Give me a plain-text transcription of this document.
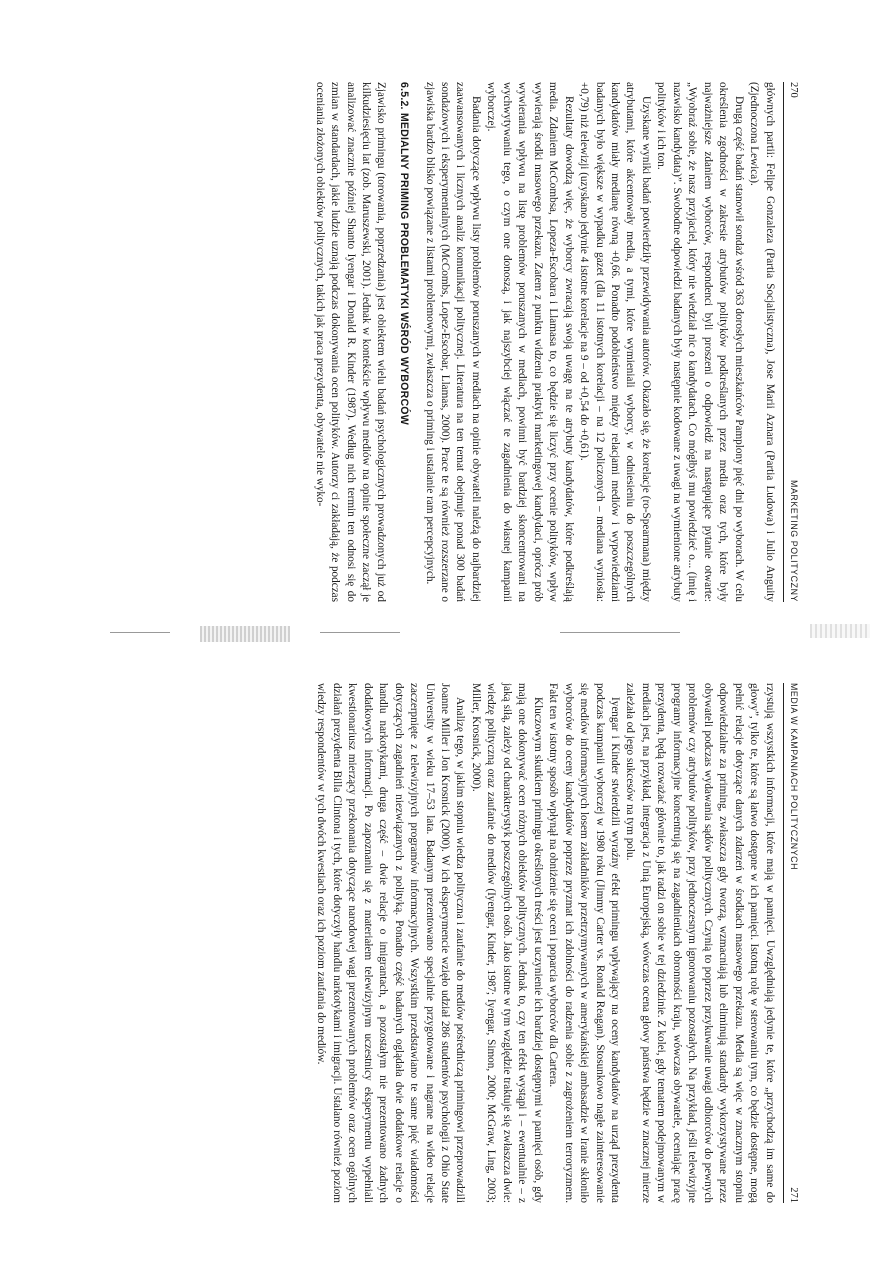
270
MARKETING POLITYCZNY

głównych partii: Felipe Gonzaleza (Partia Socjalistyczna), Jose Marii Aznara (Partia Ludowa) i Julio Anguity (Zjednoczona Lewica).

Drugą część badań stanowił sondaż wśród 363 dorosłych mieszkańców Pamplony pięć dni po wyborach. W celu określenia zgodności w zakresie atrybutów polityków podkreślanych przez media oraz tych, które były najważniejsze zdaniem wyborców, respondenci byli proszeni o odpowiedź na następujące pytanie otwarte: „Wyobraź sobie, że nasz przyjaciel, który nie wiedział nic o kandydatach. Co mógłbyś mu powiedzieć o... (imię i nazwisko kandydata)”. Swobodne odpowiedzi badanych były następnie kodowane z uwagi na wymienione atrybuty polityków i ich ton.

Uzyskane wyniki badań potwierdziły przewidywania autorów. Okazało się, że korelacje (ro-Spearmana) między atrybutami, które akcentowały media, a tymi, które wymieniali wyborcy, w odniesieniu do poszczególnych kandydatów miały medianę równą +0,66. Ponadto podobieństwo między relacjami mediów i wypowiedziami badanych było większe w wypadku gazet (dla 11 istotnych korelacji – na 12 policzonych – mediana wyniosła: +0,79) niż telewizji (uzyskano jedynie 4 istotne korelacje na 9 – od +0,54 do +0,61).

Rezultaty dowodzą więc, że wyborcy zwracają swoją uwagę na te atrybuty kandydatów, które podkreślają media. Zdaniem McCombsa, Lopeza-Escobara i Llamasa to, co będzie się liczyć przy ocenie polityków, wpływ wywierają środki masowego przekazu. Zatem z punktu widzenia praktyki marketingowej kandydaci, oprócz prób wywierania wpływu na listę problemów poruszanych w mediach, powinni być bardziej skoncentrowani na wychwytywaniu tego, o czym one donoszą, i jak najszybciej włączać te zagadnienia do własnej kampanii wyborczej.

Badania dotyczące wpływu listy problemów poruszanych w mediach na opinie obywateli należą do najbardziej zaawansowanych i licznych analiz komunikacji politycznej. Literatura na ten temat obejmuje ponad 300 badań sondażowych i eksperymentalnych (McCombs, Lopez-Escobar, Llamas, 2000). Prace te są również rozszerzane o zjawiska bardzo blisko powiązane z listami problemowymi, zwłaszcza o priming i ustalanie ram percepcyjnych.

6.5.2. MEDIALNY PRIMING PROBLEMATYKI WŚRÓD WYBORCÓW

Zjawisko primingu (torowania, poprzedzania) jest obiektem wielu badań psychologicznych prowadzonych już od kilkudziesięciu lat (zob. Maruszewski, 2001). Jednak w kontekście wpływu mediów na opinie społeczne zaczął je analizować znacznie później Shanto Iyengar i Donald R. Kinder (1987). Według nich termin ten odnosi się do zmian w standardach, jakie ludzie uznają podczas dokonywania ocen polityków. Autorzy ci zakładają, że podczas oceniania złożonych obiektów politycznych, takich jak praca prezydenta, obywatele nie wyko-

MEDIA W KAMPANIACH POLITYCZNYCH
271

rzystują wszystkich informacji, które mają w pamięci. Uwzględniają jedynie te, które „przychodzą im same do głowy”, tylko te, które są łatwo dostępne w ich pamięci. Istotną rolę w sterowaniu tym, co będzie dostępne, mogą pełnić relacje dotyczące danych zdarzeń w środkach masowego przekazu. Media są więc w znacznym stopniu odpowiedzialne za priming, zwłaszcza gdy tworzą, wzmacniają lub eliminują standardy wykorzystywane przez obywateli podczas wydawania sądów politycznych. Czynią to poprzez przykuwanie uwagi odbiorców do pewnych problemów czy atrybutów polityków, przy jednoczesnym ignorowaniu pozostałych. Na przykład, jeśli telewizyjne programy informacyjne koncentrują się na zagadnieniach obronności kraju, wówczas obywatele, oceniając pracę prezydenta, będą rozważać głównie to, jak radzi on sobie w tej dziedzinie. Z kolei, gdy tematem podejmowanym w mediach jest, na przykład, integracja z Unią Europejską, wówczas ocena głowy państwa będzie w znacznej mierze zależała od jego sukcesów na tym polu.

Iyengar i Kinder stwierdzili wyraźny efekt primingu wpływający na oceny kandydatów na urząd prezydenta podczas kampanii wyborczej w 1980 roku (Jimmy Carter vs. Ronald Reagan). Stosunkowo nagłe zainteresowanie się mediów informacyjnych losem zakładników przetrzymywanych w amerykańskiej ambasadzie w Iranie skłoniło wyborców do oceny kandydatów poprzez pryzmat ich zdolności do radzenia sobie z zagrożeniem terroryzmem. Fakt ten w istotny sposób wpłynął na obniżenie się ocen i poparcia wyborców dla Cartera.

Kluczowym skutkiem primingu określonych treści jest uczynienie ich bardziej dostępnymi w pamięci osób, gdy mają one dokonywać ocen różnych obiektów politycznych. Jednak to, czy ten efekt wystąpi i – ewentualnie – z jaką siłą, zależy od charakterystyk poszczególnych osób. Jako istotne w tym względzie traktuje się zwłaszcza dwie: wiedzę polityczną oraz zaufanie do mediów (Iyengar, Kinder, 1987; Iyengar, Simon, 2000; McGraw, Ling, 2003; Miller, Krosnick, 2000).

Analizę tego, w jakim stopniu wiedza polityczna i zaufanie do mediów pośredniczą primingowi przeprowadzili Joanne Miller i Jon Krosnick (2000). W ich eksperymencie wzięło udział 286 studentów psychologii z Ohio State University w wieku 17–53 lata. Badanym prezentowano specjalnie przygotowane i nagrane na wideo relacje zaczerpnięte z telewizyjnych programów informacyjnych. Wszystkim przedstawiano te same pięć wiadomości dotyczących zagadnień niezwiązanych z polityką. Ponadto część badanych oglądała dwie dodatkowe relacje o handlu narkotykami, druga część – dwie relacje o imigrantach, a pozostałym nie prezentowano żadnych dodatkowych informacji. Po zapoznaniu się z materiałem telewizyjnym uczestnicy eksperymentu wypełniali kwestionariusz mierzący przekonania dotyczące narodowej wagi prezentowanych problemów oraz ocen ogólnych działań prezydenta Billa Clintona i tych, które dotyczyły handlu narkotykami i imigracji. Ustalano również poziom wiedzy respondentów w tych dwóch kwestiach oraz ich poziom zaufania do mediów.
